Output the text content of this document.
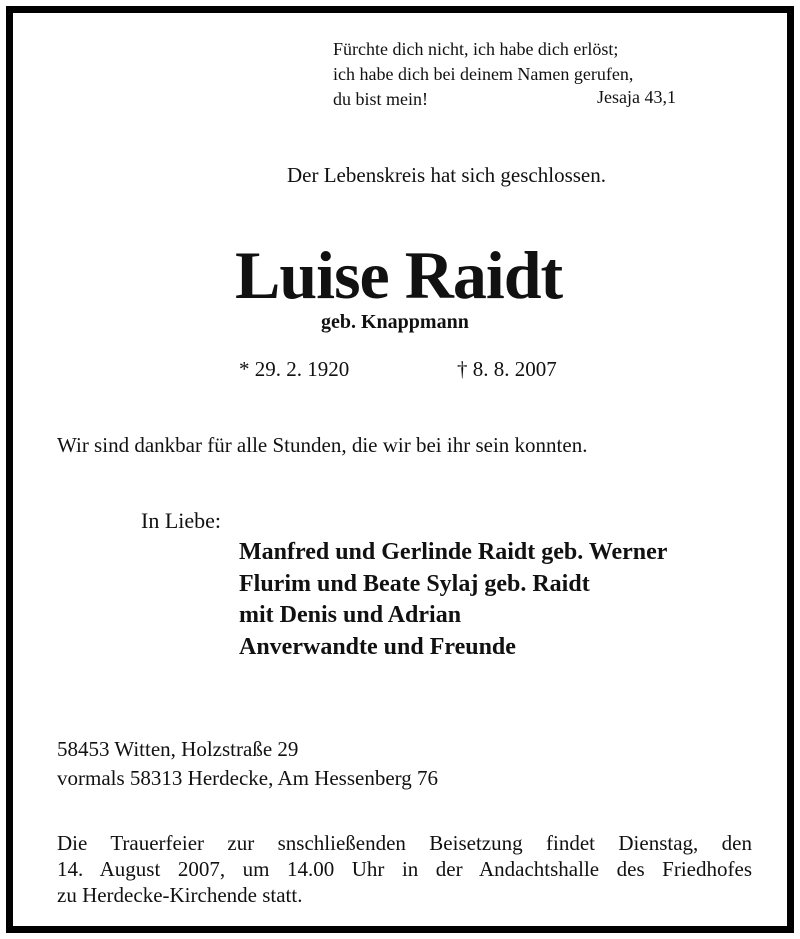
Fürchte dich nicht, ich habe dich erlöst;
ich habe dich bei deinem Namen gerufen,
du bist mein!	Jesaja 43,1
Der Lebenskreis hat sich geschlossen.
Luise Raidt
geb. Knappmann
* 29. 2. 1920	† 8. 8. 2007
Wir sind dankbar für alle Stunden, die wir bei ihr sein konnten.
In Liebe:
Manfred und Gerlinde Raidt geb. Werner
Flurim und Beate Sylaj geb. Raidt
mit Denis und Adrian
Anverwandte und Freunde
58453 Witten, Holzstraße 29
vormals 58313 Herdecke, Am Hessenberg 76
Die Trauerfeier zur snschließenden Beisetzung findet Dienstag, den
14. August 2007, um 14.00 Uhr in der Andachtshalle des Friedhofes
zu Herdecke-Kirchende statt.
